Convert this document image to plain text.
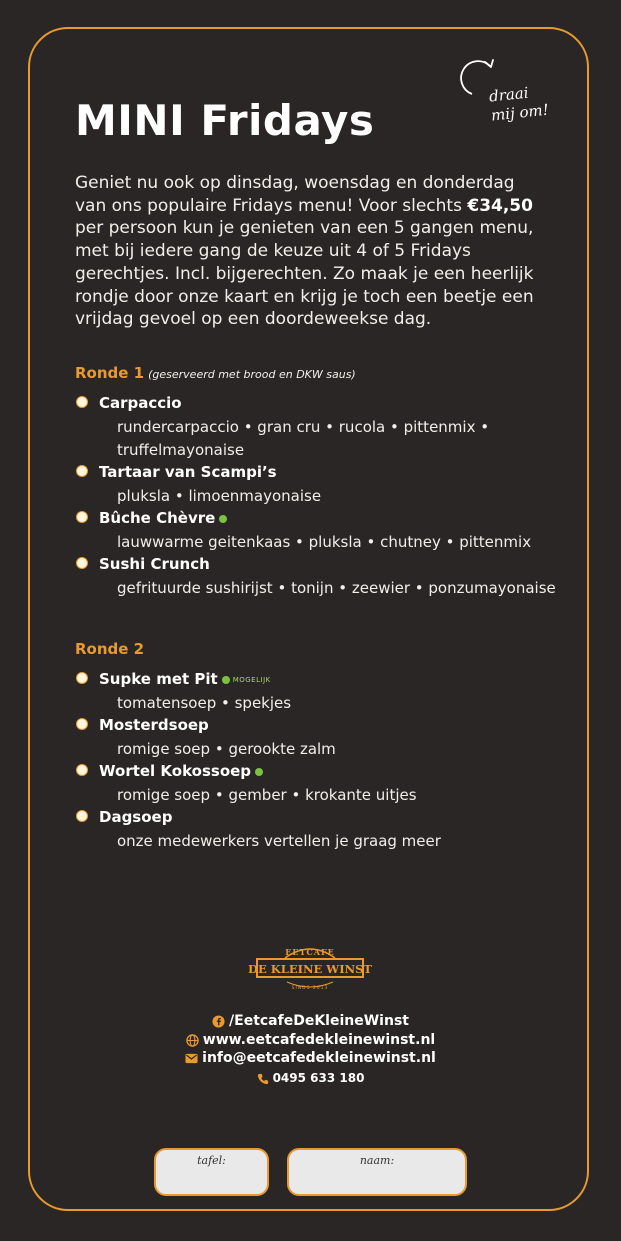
draai
mij om!
MINI Fridays

Geniet nu ook op dinsdag, woensdag en donderdag van ons populaire Fridays menu! Voor slechts €34,50 per persoon kun je genieten van een 5 gangen menu, met bij iedere gang de keuze uit 4 of 5 Fridays gerechtjes. Incl. bijgerechten. Zo maak je een heerlijk rondje door onze kaart en krijg je toch een beetje een vrijdag gevoel op een doordeweekse dag.

Ronde 1 (geserveerd met brood en DKW saus)

Carpaccio
rundercarpaccio • gran cru • rucola • pittenmix • truffelmayonaise
Tartaar van Scampi’s
pluksla • limoenmayonaise
Bûche Chèvre
lauwwarme geitenkaas • pluksla • chutney • pittenmix
Sushi Crunch
gefrituurde sushirijst • tonijn • zeewier • ponzumayonaise

Ronde 2

Supke met Pit MOGELIJK
tomatensoep • spekjes
Mosterdsoep
romige soep • gerookte zalm
Wortel Kokossoep
romige soep • gember • krokante uitjes
Dagsoep
onze medewerkers vertellen je graag meer
EETCAFE
DE KLEINE WINST
SINDS 2013
/EetcafeDeKleineWinst
www.eetcafedekleinewinst.nl
info@eetcafedekleinewinst.nl
0495 633 180
tafel:	naam:
